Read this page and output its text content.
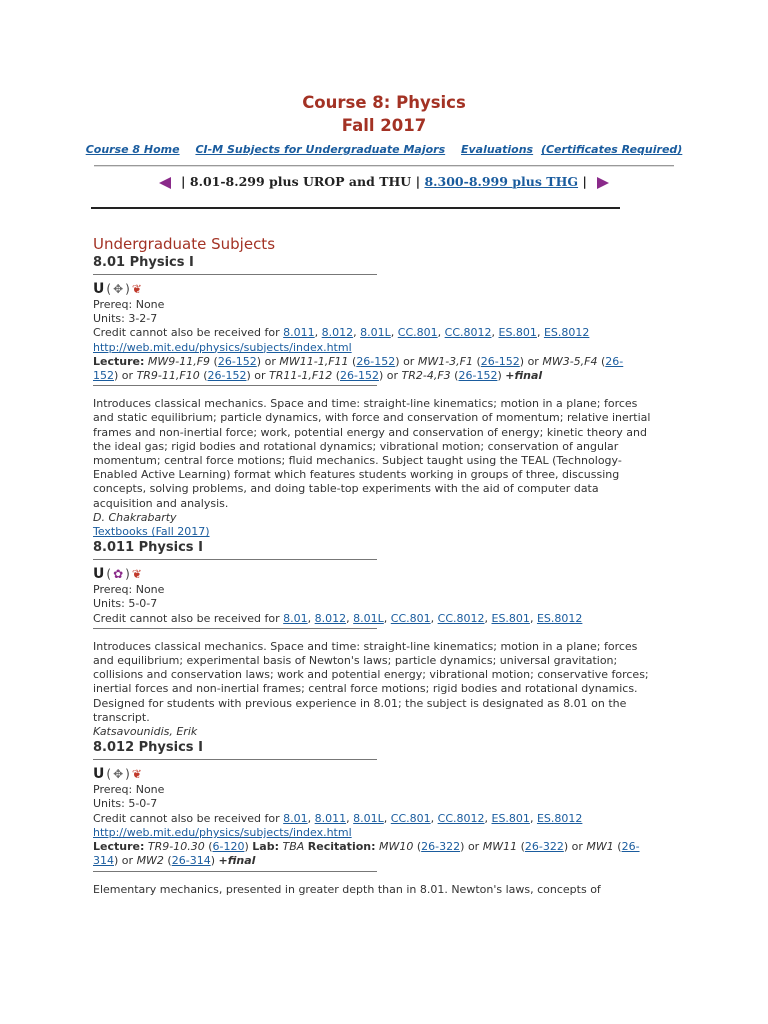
Course 8: Physics
Fall 2017
Course 8 Home CI-M Subjects for Undergraduate Majors Evaluations (Certificates Required)
| 8.01-8.299 plus UROP and THU | 8.300-8.999 plus THG |
Undergraduate Subjects
8.01 Physics I
U ( ✥ ) ❦
Prereq: None
Units: 3-2-7
Credit cannot also be received for 8.011, 8.012, 8.01L, CC.801, CC.8012, ES.801, ES.8012
http://web.mit.edu/physics/subjects/index.html
Lecture: MW9-11,F9 (26-152) or MW11-1,F11 (26-152) or MW1-3,F1 (26-152) or MW3-5,F4 (26-
152) or TR9-11,F10 (26-152) or TR11-1,F12 (26-152) or TR2-4,F3 (26-152) +final
Introduces classical mechanics. Space and time: straight-line kinematics; motion in a plane; forces
and static equilibrium; particle dynamics, with force and conservation of momentum; relative inertial
frames and non-inertial force; work, potential energy and conservation of energy; kinetic theory and
the ideal gas; rigid bodies and rotational dynamics; vibrational motion; conservation of angular
momentum; central force motions; fluid mechanics. Subject taught using the TEAL (Technology-
Enabled Active Learning) format which features students working in groups of three, discussing
concepts, solving problems, and doing table-top experiments with the aid of computer data
acquisition and analysis.
D. Chakrabarty
Textbooks (Fall 2017)
8.011 Physics I
U ( ✿ ) ❦
Prereq: None
Units: 5-0-7
Credit cannot also be received for 8.01, 8.012, 8.01L, CC.801, CC.8012, ES.801, ES.8012
Introduces classical mechanics. Space and time: straight-line kinematics; motion in a plane; forces
and equilibrium; experimental basis of Newton's laws; particle dynamics; universal gravitation;
collisions and conservation laws; work and potential energy; vibrational motion; conservative forces;
inertial forces and non-inertial frames; central force motions; rigid bodies and rotational dynamics.
Designed for students with previous experience in 8.01; the subject is designated as 8.01 on the
transcript.
Katsavounidis, Erik
8.012 Physics I
U ( ✥ ) ❦
Prereq: None
Units: 5-0-7
Credit cannot also be received for 8.01, 8.011, 8.01L, CC.801, CC.8012, ES.801, ES.8012
http://web.mit.edu/physics/subjects/index.html
Lecture: TR9-10.30 (6-120) Lab: TBA Recitation: MW10 (26-322) or MW11 (26-322) or MW1 (26-
314) or MW2 (26-314) +final
Elementary mechanics, presented in greater depth than in 8.01. Newton's laws, concepts of
